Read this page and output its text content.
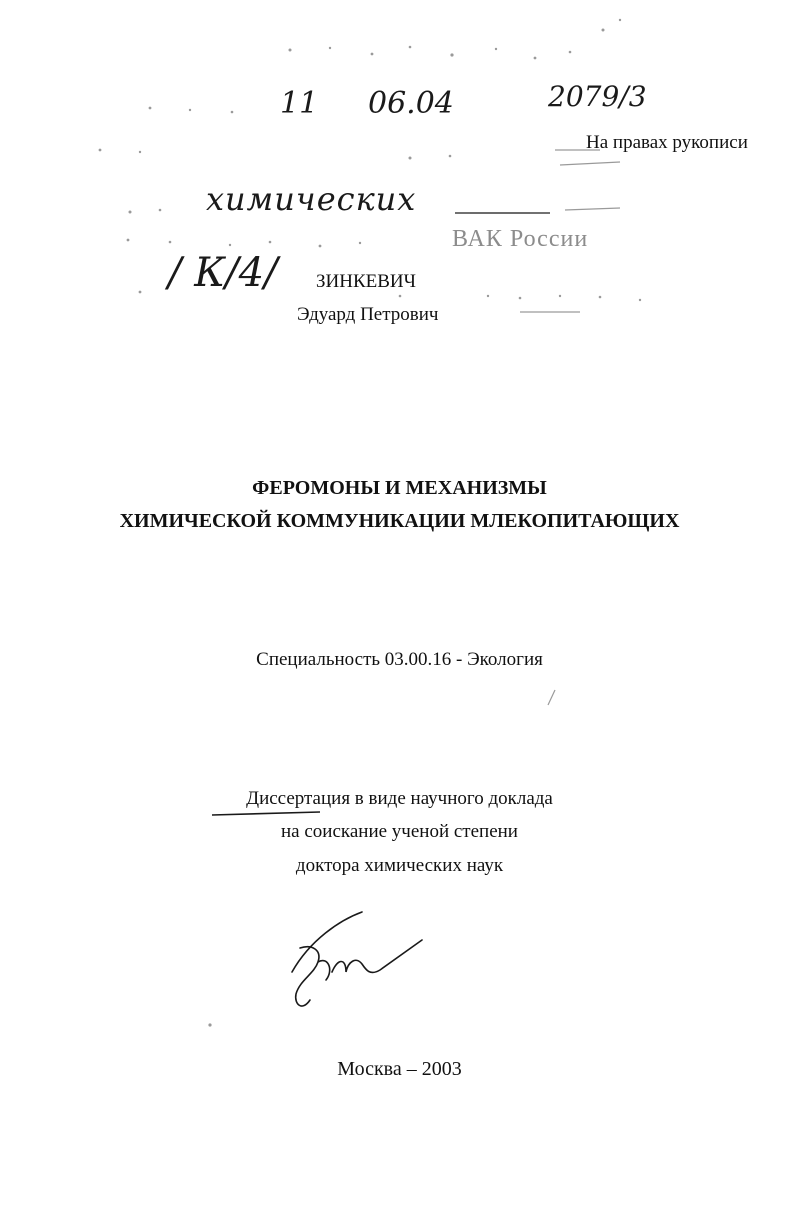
11 06.04	2079/3
На правах рукописи
химических
ВАК России
/ К/4/ ЗИНКЕВИЧ
Эдуард Петрович
ФЕРОМОНЫ И МЕХАНИЗМЫ
ХИМИЧЕСКОЙ КОММУНИКАЦИИ МЛЕКОПИТАЮЩИХ
Специальность 03.00.16 - Экология
Диссертация в виде научного доклада
на соискание ученой степени
доктора химических наук
Москва – 2003
